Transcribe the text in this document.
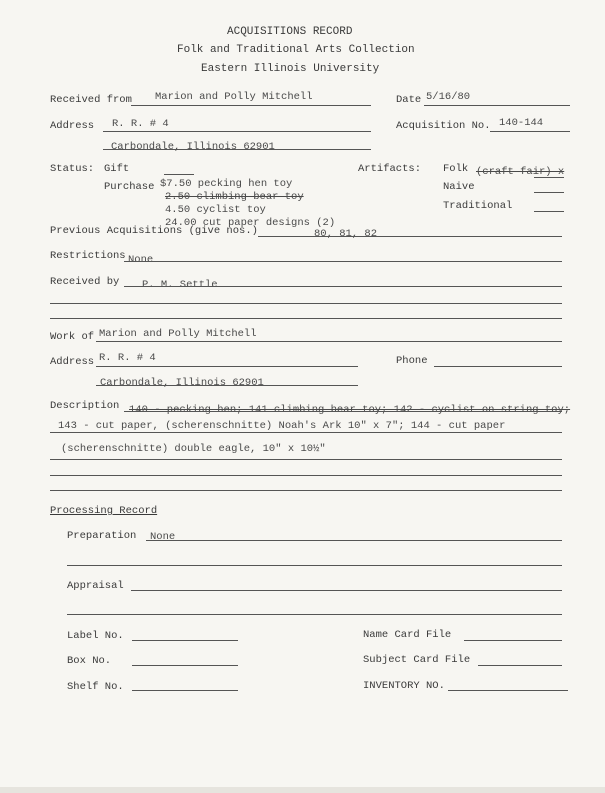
ACQUISITIONS RECORD
Folk and Traditional Arts Collection
Eastern Illinois University
Received from Marion and Polly Mitchell	Date 5/16/80
Address R. R. # 4
Carbondale, Illinois 62901
Acquisition No. 140-144
Status: Gift
Purchase $7.50 pecking hen toy
2.50 climbing bear toy
4.50 cyclist toy
24.00 cut paper designs (2)
Artifacts: Folk (craft fair) x
Naive
Traditional
Previous Acquisitions (give nos.)	80, 81, 82
Restrictions None
Received by P. M. Settle
Work of Marion and Polly Mitchell
Address R. R. # 4
Carbondale, Illinois 62901
Phone
Description 140 - pecking hen; 141 climbing bear toy; 142 - cyclist on string toy;
143 - cut paper, (scherenschnitte) Noah's Ark 10" x 7"; 144 - cut paper
(scherenschnitte) double eagle, 10" x 10½"
Processing Record
Preparation None
Appraisal
Label No.
Box No.
Shelf No.
Name Card File
Subject Card File
INVENTORY NO.
